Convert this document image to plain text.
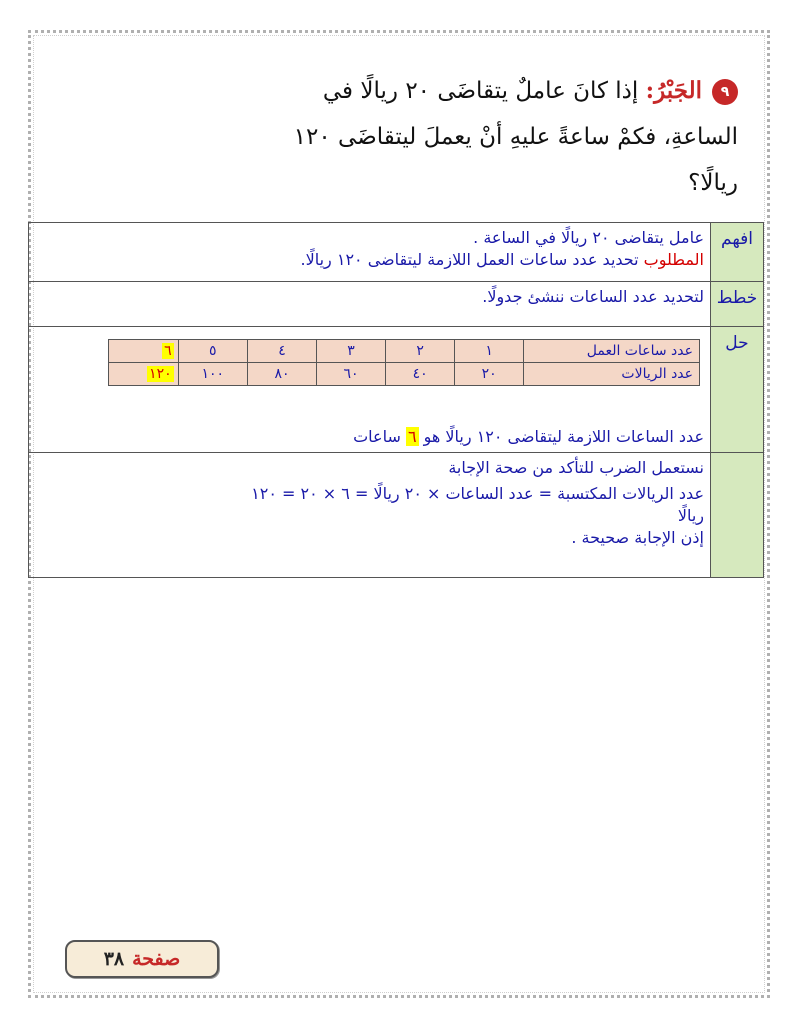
٩الجَبْرُ: إذا كانَ عاملٌ يتقاضَى ٢٠ ريالًا في
الساعةِ، فكمْ ساعةً عليهِ أنْ يعملَ ليتقاضَى ١٢٠
ريالًا؟
افهم	
عامل يتقاضى ٢٠ ريالًا في الساعة .
المطلوب تحديد عدد ساعات العمل اللازمة ليتقاضى ١٢٠ ريالًا.

خطط	
لتحديد عدد الساعات ننشئ جدولًا.

حل	
عدد ساعات العمل	١	٢	٣	٤	٥	٦
عدد الريالات	٢٠	٤٠	٦٠	٨٠	١٠٠	١٢٠
عدد الساعات اللازمة ليتقاضى ١٢٠ ريالًا هو ٦ ساعات

نستعمل الضرب للتأكد من صحة الإجابة
عدد الريالات المكتسبة = عدد الساعات × ٢٠ ريالًا = ٦ × ٢٠ = ١٢٠
ريالًا
إذن الإجابة صحيحة .
صفحة٣٨
